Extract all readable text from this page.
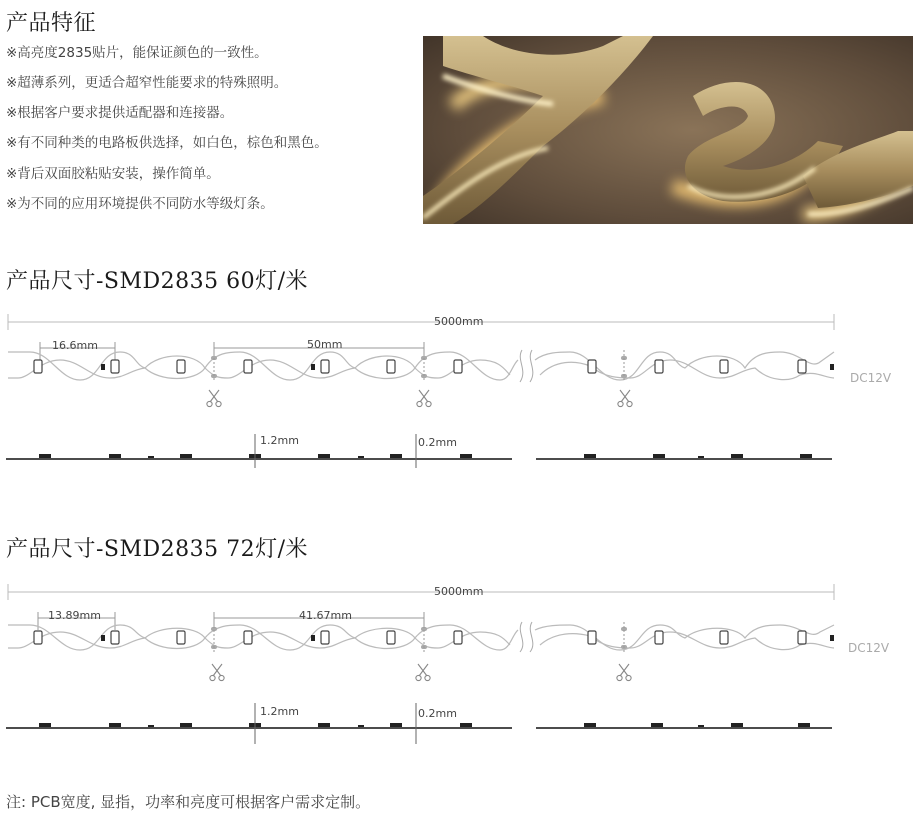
产品特征
※高亮度2835贴片，能保证颜色的一致性。
※超薄系列，更适合超窄性能要求的特殊照明。
※根据客户要求提供适配器和连接器。
※有不同种类的电路板供选择，如白色，棕色和黑色。
※背后双面胶粘贴安装，操作简单。
※为不同的应用环境提供不同防水等级灯条。
产品尺寸-SMD2835 60灯/米
5000mm
16.6mm	50mm
DC12V
1.2mm	0.2mm
产品尺寸-SMD2835 72灯/米
5000mm
13.89mm	41.67mm
DC12V
1.2mm	0.2mm
注: PCB宽度, 显指，功率和亮度可根据客户需求定制。
